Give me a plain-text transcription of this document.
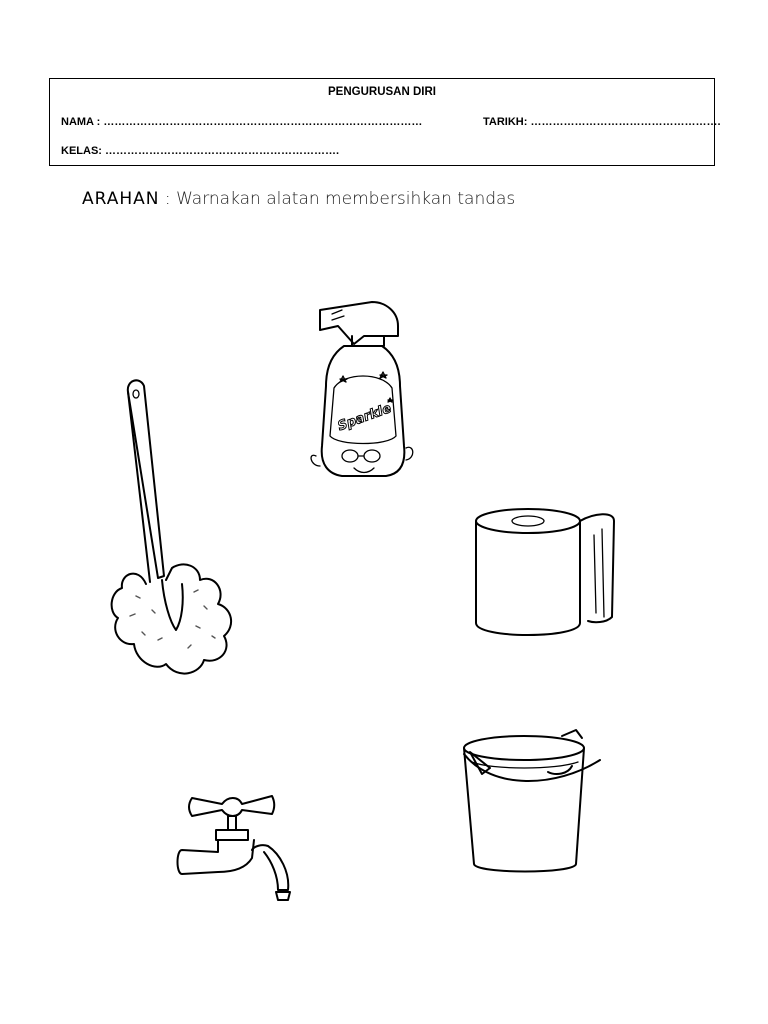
PENGURUSAN DIRI
NAMA : ……………………………………………………………………………	TARIKH: …………………………………………….
KELAS: ……………………………………………………….
ARAHAN : Warnakan alatan membersihkan tandas
Sparkle
